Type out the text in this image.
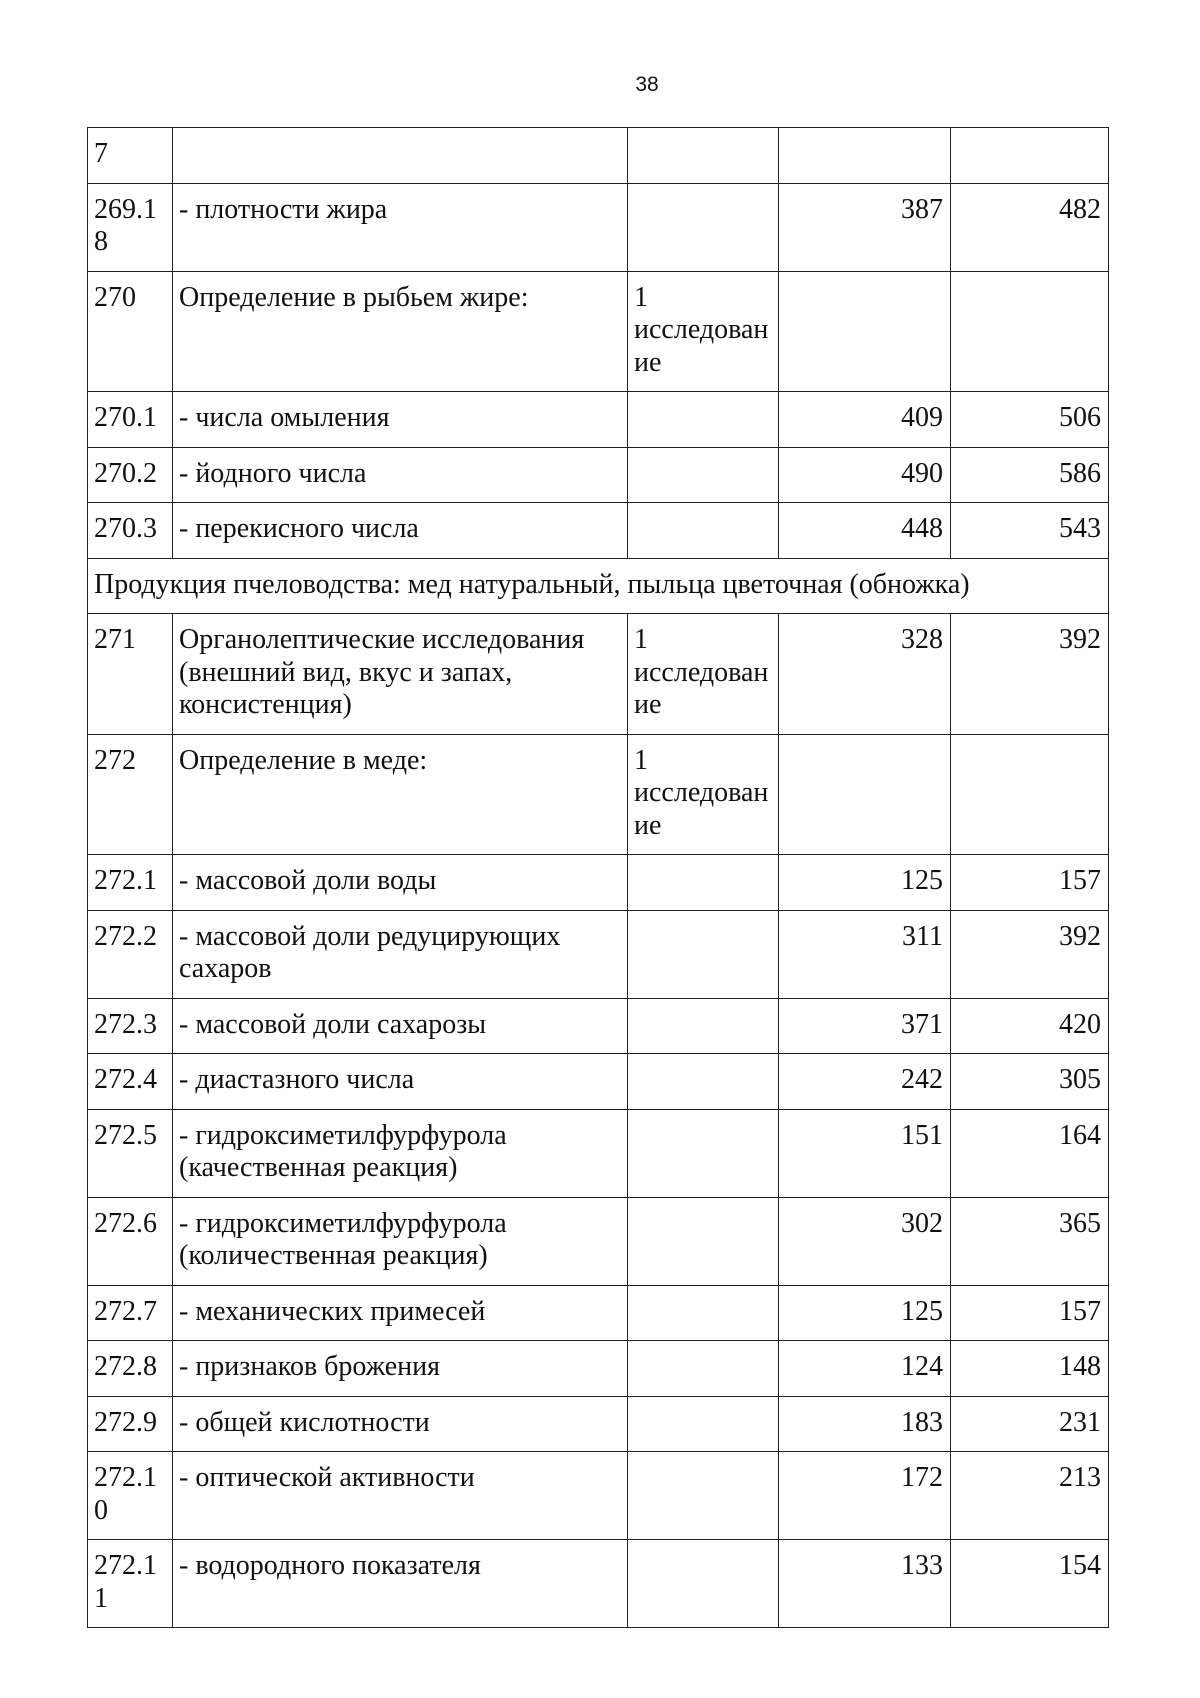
38
7				
269.18	- плотности жира		387	482
270	Определение в рыбьем жире:	1 исследование		
270.1	- числа омыления		409	506
270.2	- йодного числа		490	586
270.3	- перекисного числа		448	543
Продукция пчеловодства: мед натуральный, пыльца цветочная (обножка)				
271	Органолептические исследования (внешний вид, вкус и запах, консистенция)	1 исследование	328	392
272	Определение в меде:	1 исследование		
272.1	- массовой доли воды		125	157
272.2	- массовой доли редуцирующих сахаров		311	392
272.3	- массовой доли сахарозы		371	420
272.4	- диастазного числа		242	305
272.5	- гидроксиметилфурфурола (качественная реакция)		151	164
272.6	- гидроксиметилфурфурола (количественная реакция)		302	365
272.7	- механических примесей		125	157
272.8	- признаков брожения		124	148
272.9	- общей кислотности		183	231
272.10	- оптической активности		172	213
272.11	- водородного показателя		133	154
